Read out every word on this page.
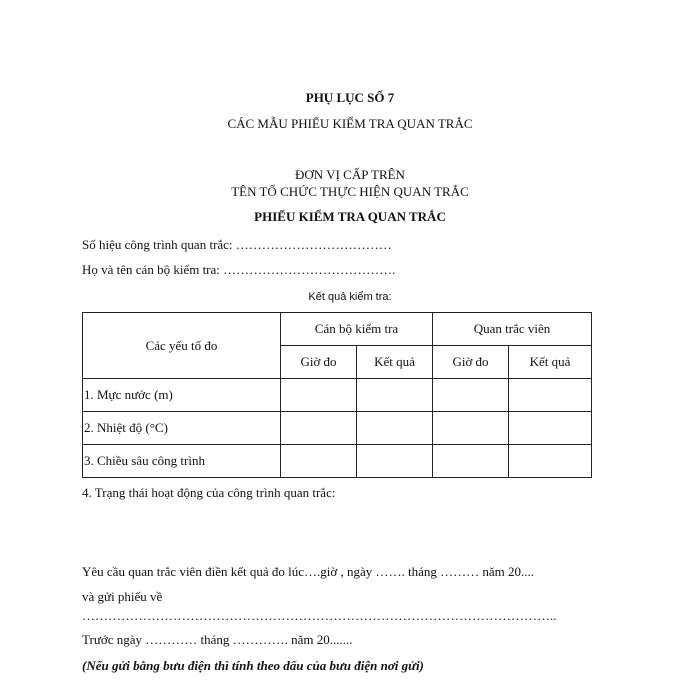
PHỤ LỤC SỐ 7
CÁC MẪU PHIẾU KIỂM TRA QUAN TRẮC
ĐƠN VỊ CẤP TRÊN
TÊN TỔ CHỨC THỰC HIỆN QUAN TRẮC
PHIẾU KIỂM TRA QUAN TRẮC
Số hiệu công trình quan trắc: ………………………………
Họ và tên cán bộ kiểm tra: ………………………………….
Kết quả kiểm tra:
Các yếu tố đo	Cán bộ kiểm tra		Quan trắc viên	
	Giờ đo	Kết quả	Giờ đo	Kết quả
1. Mực nước (m)				
2. Nhiệt độ (°C)				
3. Chiều sâu công trình				
4. Trạng thái hoạt động của công trình quan trắc:
Yêu cầu quan trắc viên điền kết quả đo lúc….giờ , ngày ……. tháng ……… năm 20....
và gửi phiếu về
………………………………………………………………………………………………..
Trước ngày ………… tháng …………. năm 20.......
(Nếu gửi bằng bưu điện thì tính theo dấu của bưu điện nơi gửi)
